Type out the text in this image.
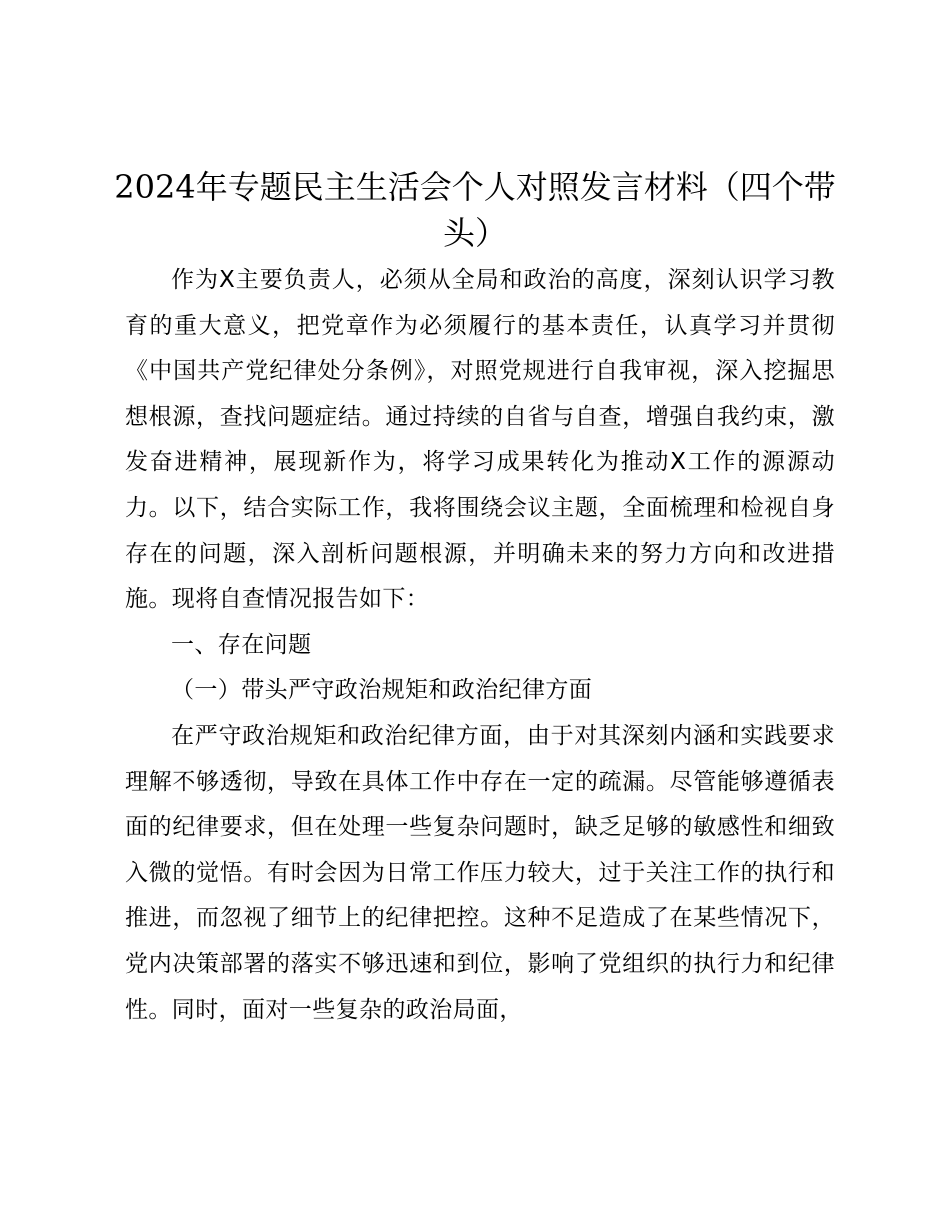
2024年专题民主生活会个人对照发言材料（四个带头）

作为X主要负责人，必须从全局和政治的高度，深刻认识学习教育的重大意义，把党章作为必须履行的基本责任，认真学习并贯彻《中国共产党纪律处分条例》，对照党规进行自我审视，深入挖掘思想根源，查找问题症结。通过持续的自省与自查，增强自我约束，激发奋进精神，展现新作为，将学习成果转化为推动X工作的源源动力。以下，结合实际工作，我将围绕会议主题，全面梳理和检视自身存在的问题，深入剖析问题根源，并明确未来的努力方向和改进措施。现将自查情况报告如下：

一、存在问题

（一）带头严守政治规矩和政治纪律方面

在严守政治规矩和政治纪律方面，由于对其深刻内涵和实践要求理解不够透彻，导致在具体工作中存在一定的疏漏。尽管能够遵循表面的纪律要求，但在处理一些复杂问题时，缺乏足够的敏感性和细致入微的觉悟。有时会因为日常工作压力较大，过于关注工作的执行和推进，而忽视了细节上的纪律把控。这种不足造成了在某些情况下，党内决策部署的落实不够迅速和到位，影响了党组织的执行力和纪律性。同时，面对一些复杂的政治局面，
